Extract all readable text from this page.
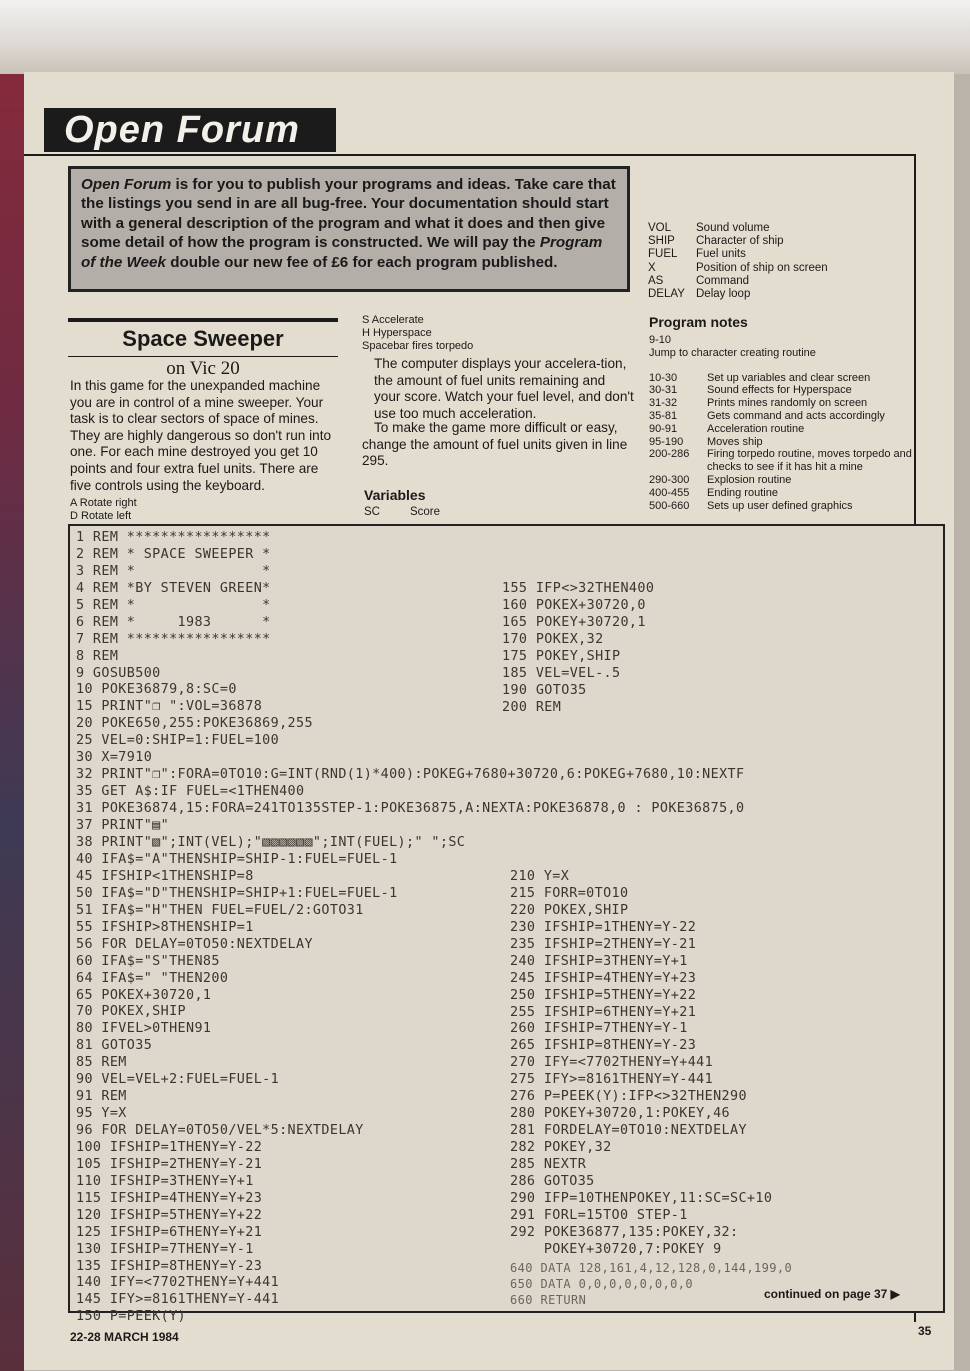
Open Forum
Open Forum is for you to publish your programs and ideas. Take care that the listings you send in are all bug-free. Your documentation should start with a general description of the program and what it does and then give some detail of how the program is constructed. We will pay the Program of the Week double our new fee of £6 for each program published.
VOL	Sound volume
SHIP	Character of ship
FUEL	Fuel units
X	Position of ship on screen
AS	Command
DELAY Delay loop
Program notes
9-10
Jump to character creating routine
10-30	Set up variables and clear screen
30-31	Sound effects for Hyperspace
31-32	Prints mines randomly on screen
35-81	Gets command and acts accordingly
90-91	Acceleration routine
95-190	Moves ship
200-286	Firing torpedo routine, moves torpedo and checks to see if it has hit a mine
290-300	Explosion routine
400-455	Ending routine
500-660	Sets up user defined graphics
Space Sweeper
on Vic 20
In this game for the unexpanded machine you are in control of a mine sweeper. Your task is to clear sectors of space of mines. They are highly dangerous so don't run into one. For each mine destroyed you get 10 points and four extra fuel units. There are five controls using the keyboard.
A Rotate right
D Rotate left
S Accelerate
H Hyperspace
Spacebar fires torpedo
The computer displays your accelera-tion, the amount of fuel units remaining and your score. Watch your fuel level, and don't use too much acceleration.
To make the game more difficult or easy, change the amount of fuel units given in line 295.
Variables
SC	Score
1 REM *****************
2 REM * SPACE SWEEPER *
3 REM *               *
4 REM *BY STEVEN GREEN*
5 REM *               *
6 REM *     1983      *
7 REM *****************
8 REM
9 GOSUB500
10 POKE36879,8:SC=0
15 PRINT"❐ ":VOL=36878
20 POKE650,255:POKE36869,255
25 VEL=0:SHIP=1:FUEL=100
30 X=7910
155 IFP<>32THEN400
160 POKEX+30720,0
165 POKEY+30720,1
170 POKEX,32
175 POKEY,SHIP
185 VEL=VEL-.5
190 GOTO35
200 REM
32 PRINT"❐":FORA=0TO10:G=INT(RND(1)*400):POKEG+7680+30720,6:POKEG+7680,10:NEXTF
35 GET A$:IF FUEL=<1THEN400
31 POKE36874,15:FORA=241TO135STEP-1:POKE36875,A:NEXTA:POKE36878,0 : POKE36875,0
37 PRINT"▤"
38 PRINT"▧";INT(VEL);"▧▧▧▧▧▧";INT(FUEL);" ";SC
40 IFA$="A"THENSHIP=SHIP-1:FUEL=FUEL-1
45 IFSHIP<1THENSHIP=8
50 IFA$="D"THENSHIP=SHIP+1:FUEL=FUEL-1
51 IFA$="H"THEN FUEL=FUEL/2:GOTO31
55 IFSHIP>8THENSHIP=1
56 FOR DELAY=0TO50:NEXTDELAY
60 IFA$="S"THEN85
64 IFA$=" "THEN200
65 POKEX+30720,1
70 POKEX,SHIP
80 IFVEL>0THEN91
81 GOTO35
85 REM
90 VEL=VEL+2:FUEL=FUEL-1
91 REM
95 Y=X
96 FOR DELAY=0TO50/VEL*5:NEXTDELAY
100 IFSHIP=1THENY=Y-22
105 IFSHIP=2THENY=Y-21
110 IFSHIP=3THENY=Y+1
115 IFSHIP=4THENY=Y+23
120 IFSHIP=5THENY=Y+22
125 IFSHIP=6THENY=Y+21
130 IFSHIP=7THENY=Y-1
135 IFSHIP=8THENY=Y-23
140 IFY=<7702THENY=Y+441
145 IFY>=8161THENY=Y-441
150 P=PEEK(Y)
210 Y=X
215 FORR=0TO10
220 POKEX,SHIP
230 IFSHIP=1THENY=Y-22
235 IFSHIP=2THENY=Y-21
240 IFSHIP=3THENY=Y+1
245 IFSHIP=4THENY=Y+23
250 IFSHIP=5THENY=Y+22
255 IFSHIP=6THENY=Y+21
260 IFSHIP=7THENY=Y-1
265 IFSHIP=8THENY=Y-23
270 IFY=<7702THENY=Y+441
275 IFY>=8161THENY=Y-441
276 P=PEEK(Y):IFP<>32THEN290
280 POKEY+30720,1:POKEY,46
281 FORDELAY=0TO10:NEXTDELAY
282 POKEY,32
285 NEXTR
286 GOTO35
290 IFP=10THENPOKEY,11:SC=SC+10
291 FORL=15TO0 STEP-1
292 POKE36877,135:POKEY,32:
POKEY+30720,7:POKEY 9
640 DATA 128,161,4,12,128,0,144,199,0
650 DATA 0,0,0,0,0,0,0,0
660 RETURN	continued on page 37 ▶
22-28 MARCH 1984	35
